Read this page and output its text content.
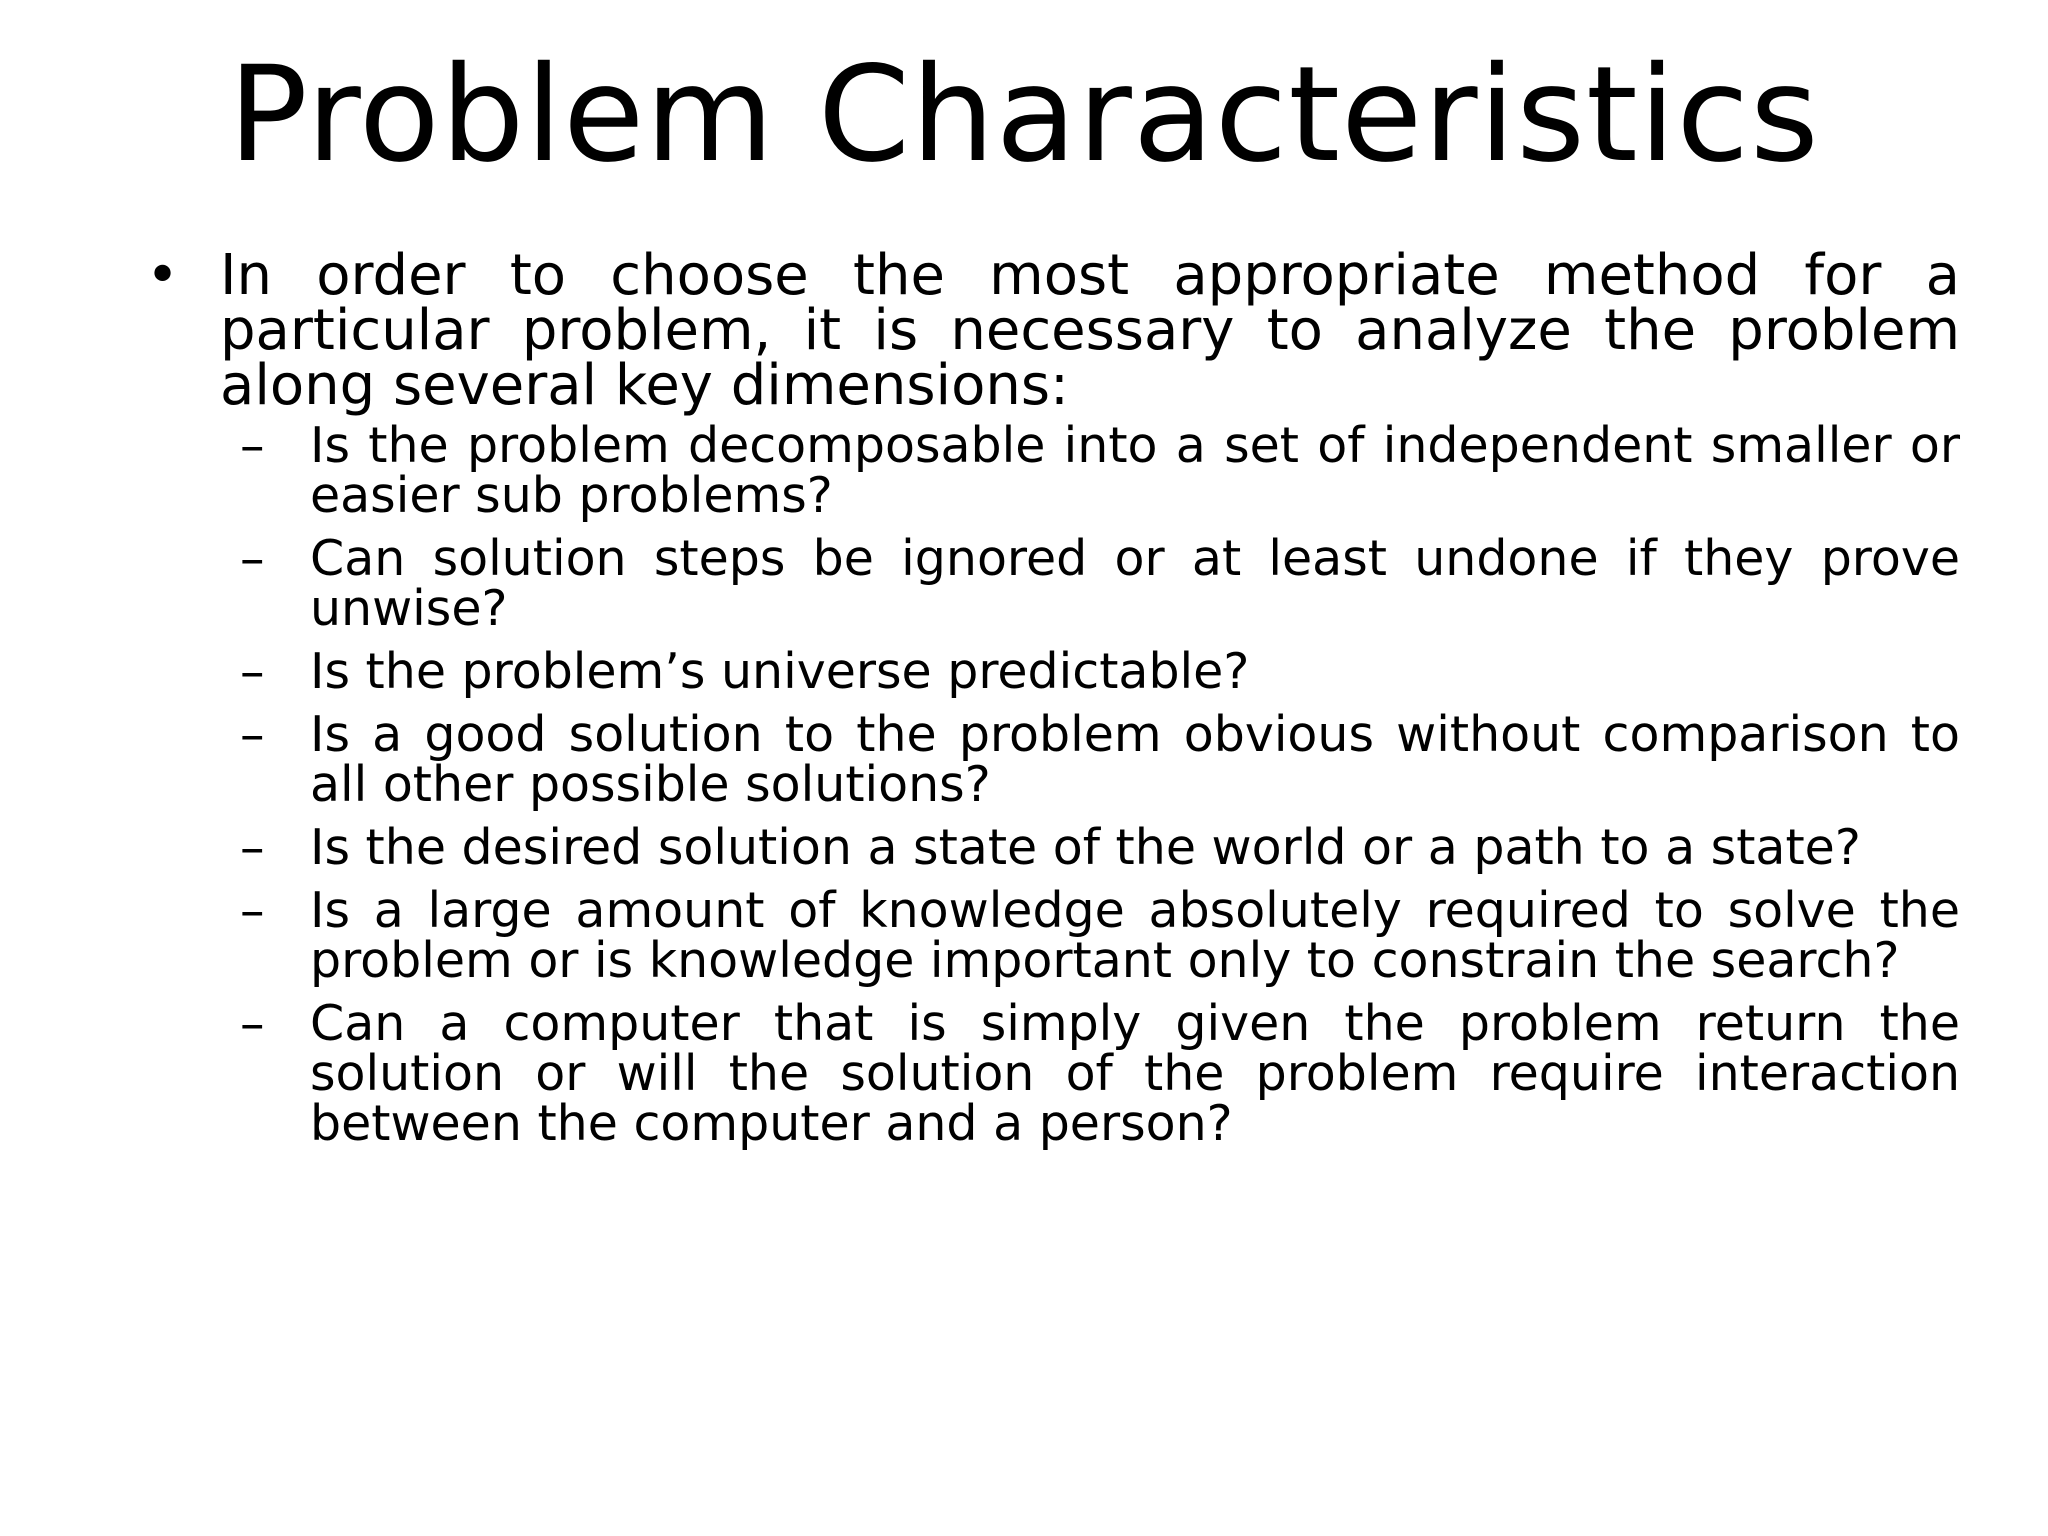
Problem Characteristics
• In order to choose the most appropriate method for a particular problem, it is necessary to analyze the problem along several key dimensions:
– Is the problem decomposable into a set of independent smaller or easier sub problems?
– Can solution steps be ignored or at least undone if they prove unwise?
– Is the problem’s universe predictable?
– Is a good solution to the problem obvious without comparison to all other possible solutions?
– Is the desired solution a state of the world or a path to a state?
– Is a large amount of knowledge absolutely required to solve the problem or is knowledge important only to constrain the search?
– Can a computer that is simply given the problem return the solution or will the solution of the problem require interaction between the computer and a person?
